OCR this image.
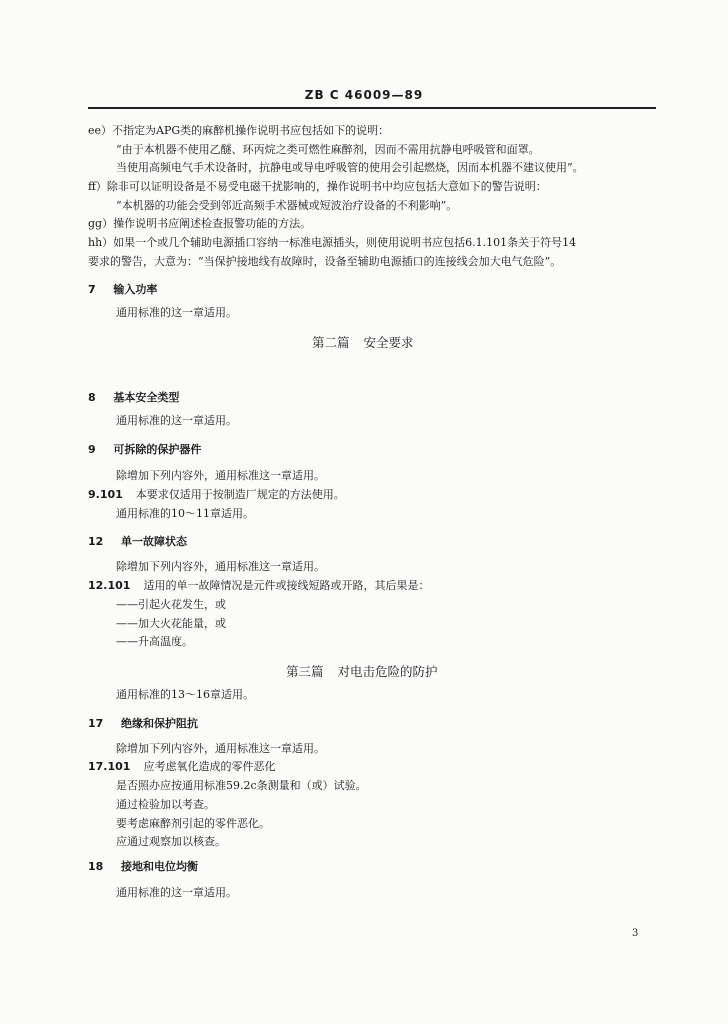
ZB C 46009—89
ee）不指定为APG类的麻醉机操作说明书应包括如下的说明：
“由于本机器不使用乙醚、环丙烷之类可燃性麻醉剂，因而不需用抗静电呼吸管和面罩。
当使用高频电气手术设备时，抗静电或导电呼吸管的使用会引起燃烧，因而本机器不建议使用”。
ff）除非可以证明设备是不易受电磁干扰影响的，操作说明书中均应包括大意如下的警告说明：
“本机器的功能会受到邻近高频手术器械或短波治疗设备的不利影响”。
gg）操作说明书应阐述检查报警功能的方法。
hh）如果一个或几个辅助电源插口容纳一标准电源插头，则使用说明书应包括6.1.101条关于符号14
要求的警告，大意为：“当保护接地线有故障时，设备至辅助电源插口的连接线会加大电气危险”。
7 输入功率
通用标准的这一章适用。
第二篇 安全要求
8 基本安全类型
通用标准的这一章适用。
9 可拆除的保护器件
除增加下列内容外，通用标准这一章适用。
9.101 本要求仅适用于按制造厂规定的方法使用。
通用标准的10～11章适用。
12 单一故障状态
除增加下列内容外，通用标准这一章适用。
12.101 适用的单一故障情况是元件或接线短路或开路，其后果是：
——引起火花发生，或
——加大火花能量，或
——升高温度。
第三篇 对电击危险的防护
通用标准的13～16章适用。
17 绝缘和保护阻抗
除增加下列内容外，通用标准这一章适用。
17.101 应考虑氧化造成的零件恶化
是否照办应按通用标准59.2c条测量和（或）试验。
通过检验加以考查。
要考虑麻醉剂引起的零件恶化。
应通过观察加以核查。
18 接地和电位均衡
通用标准的这一章适用。
3
